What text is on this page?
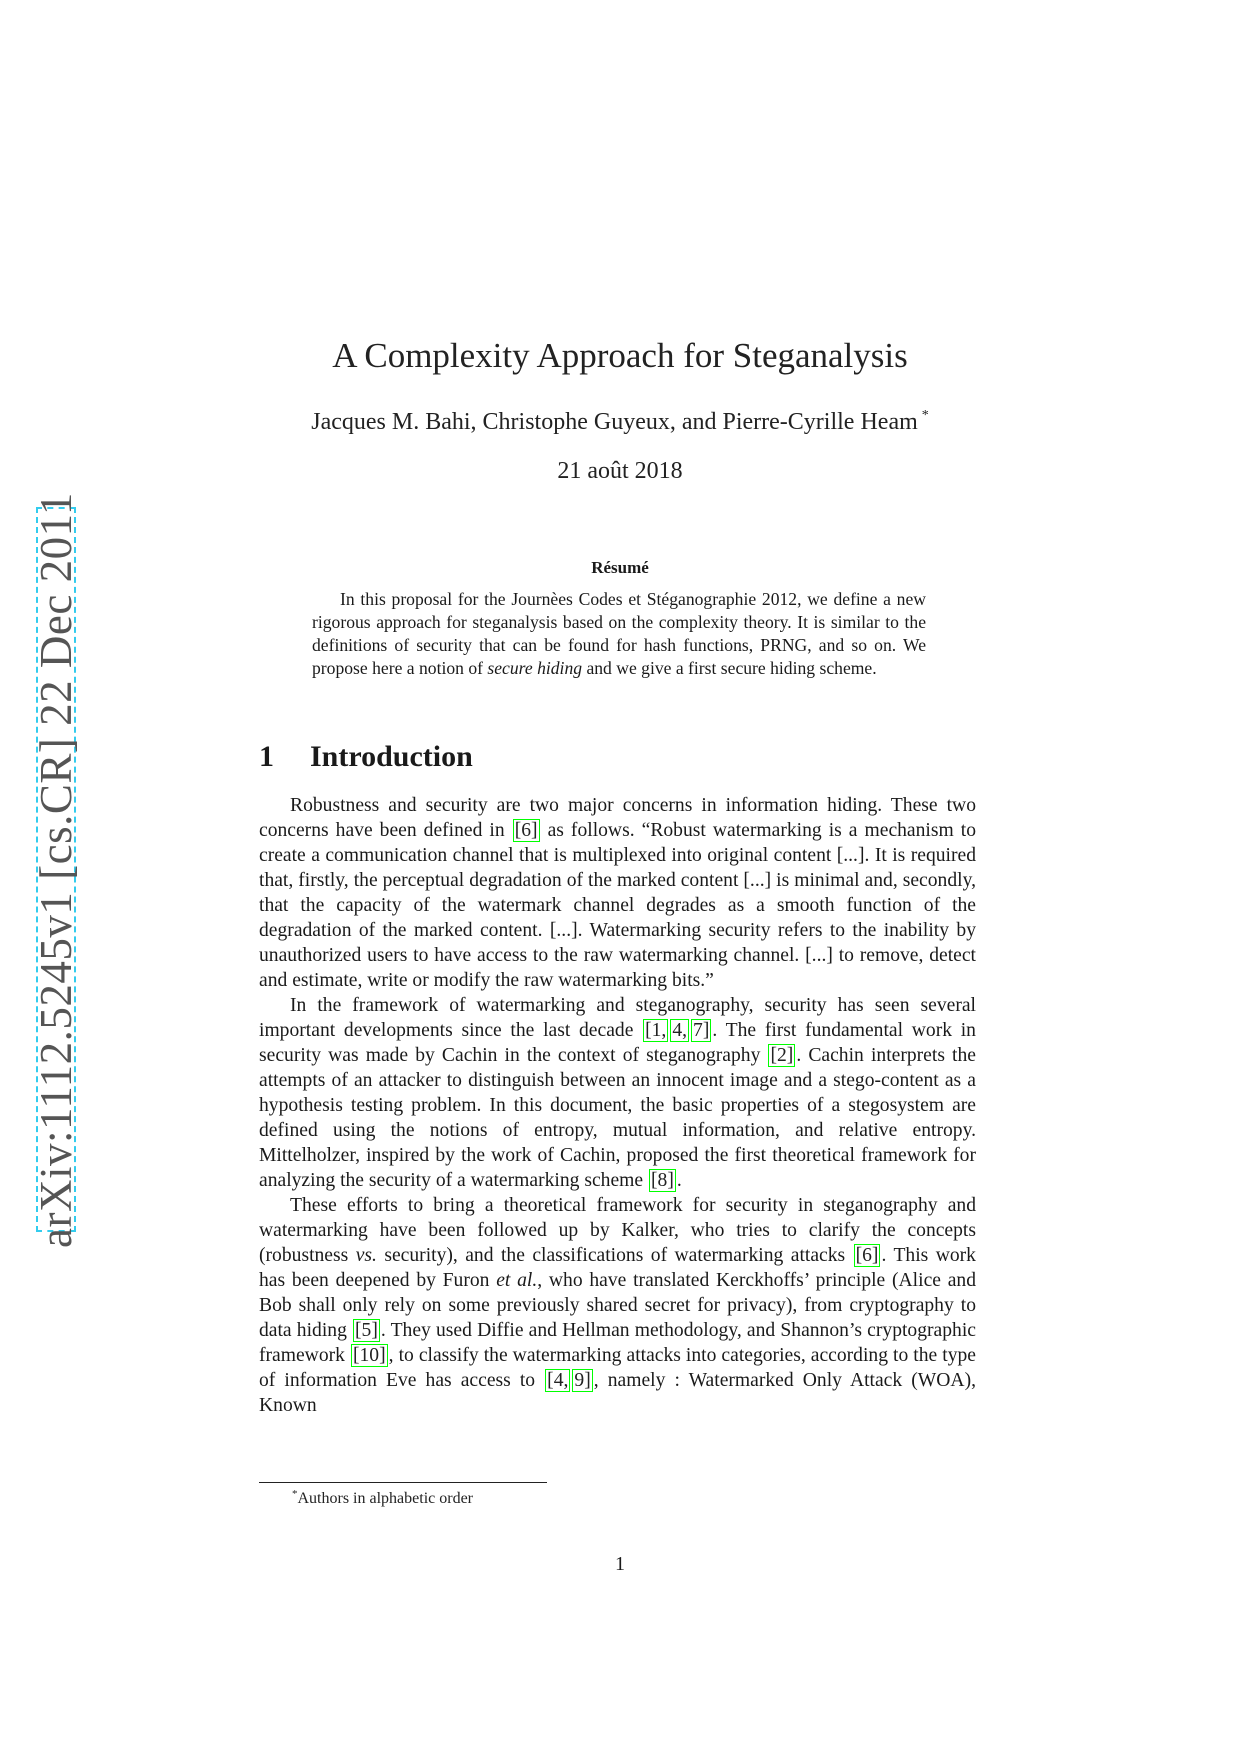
arXiv:1112.5245v1 [cs.CR] 22 Dec 2011
A Complexity Approach for Steganalysis
Jacques M. Bahi, Christophe Guyeux, and Pierre-Cyrille Heam *
21 août 2018
Résumé

In this proposal for the Journèes Codes et Stéganographie 2012, we define a new rigorous approach for steganalysis based on the complexity theory. It is similar to the definitions of security that can be found for hash functions, PRNG, and so on. We propose here a notion of secure hiding and we give a first secure hiding scheme.

1 Introduction

Robustness and security are two major concerns in information hiding. These two concerns have been defined in [6] as follows. “Robust watermarking is a mechanism to create a communication channel that is multiplexed into original content [...]. It is required that, firstly, the perceptual degradation of the marked content [...] is minimal and, secondly, that the capacity of the watermark channel degrades as a smooth function of the degradation of the marked content. [...]. Watermarking security refers to the inability by unauthorized users to have access to the raw watermarking channel. [...] to remove, detect and estimate, write or modify the raw watermarking bits.”

In the framework of watermarking and steganography, security has seen several important developments since the last decade [1, 4, 7] . The first fundamental work in security was made by Cachin in the context of steganography [2] . Cachin interprets the attempts of an attacker to distinguish between an innocent image and a stego-content as a hypothesis testing problem. In this document, the basic properties of a stegosystem are defined using the notions of entropy, mutual information, and relative entropy. Mittelholzer, inspired by the work of Cachin, proposed the first theoretical framework for analyzing the security of a watermarking scheme [8] .

These efforts to bring a theoretical framework for security in steganography and watermarking have been followed up by Kalker, who tries to clarify the concepts (robustness vs. security), and the classifications of watermarking attacks [6] . This work has been deepened by Furon et al., who have translated Kerckhoffs’ principle (Alice and Bob shall only rely on some previously shared secret for privacy), from cryptography to data hiding [5] . They used Diffie and Hellman methodology, and Shannon’s cryptographic framework [10] , to classify the watermarking attacks into categories, according to the type of information Eve has access to [4, 9] , namely : Watermarked Only Attack (WOA), Known

*Authors in alphabetic order
1
